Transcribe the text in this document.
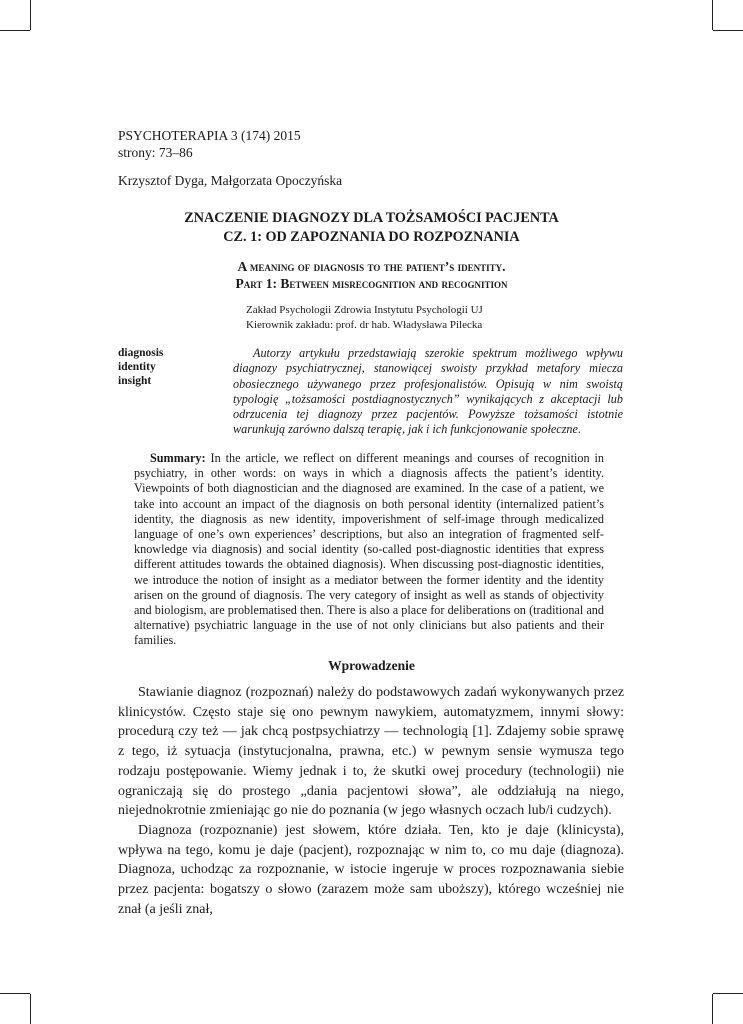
PSYCHOTERAPIA 3 (174) 2015
strony: 73–86
Krzysztof Dyga, Małgorzata Opoczyńska
ZNACZENIE DIAGNOZY DLA TOŻSAMOŚCI PACJENTA
CZ. 1: OD ZAPOZNANIA DO ROZPOZNANIA
A meaning of diagnosis to the patient’s identity.
Part 1: Between misrecognition and recognition
Zakład Psychologii Zdrowia Instytutu Psychologii UJ
Kierownik zakładu: prof. dr hab. Władysława Pilecka
diagnosis
identity
insight

Autorzy artykułu przedstawiają szerokie spektrum możliwego wpływu diagnozy psychiatrycznej, stanowiącej swoisty przykład metafory miecza obosiecznego używanego przez profesjonalistów. Opisują w nim swoistą typologię „tożsamości postdiagnostycznych” wynikających z akceptacji lub odrzucenia tej diagnozy przez pacjentów. Powyższe tożsamości istotnie warunkują zarówno dalszą terapię, jak i ich funkcjonowanie społeczne.

Summary: In the article, we reflect on different meanings and courses of recognition in psychiatry, in other words: on ways in which a diagnosis affects the patient’s identity. Viewpoints of both diagnostician and the diagnosed are examined. In the case of a patient, we take into account an impact of the diagnosis on both personal identity (internalized patient’s identity, the diagnosis as new identity, impoverishment of self-image through medicalized language of one’s own experiences’ descriptions, but also an integration of fragmented self-knowledge via diagnosis) and social identity (so-called post-diagnostic identities that express different attitudes towards the obtained diagnosis). When discussing post-diagnostic identities, we introduce the notion of insight as a mediator between the former identity and the identity arisen on the ground of diagnosis. The very category of insight as well as stands of objectivity and biologism, are problematised then. There is also a place for deliberations on (traditional and alternative) psychiatric language in the use of not only clinicians but also patients and their families.

Wprowadzenie

Stawianie diagnoz (rozpoznań) należy do podstawowych zadań wykonywanych przez klinicystów. Często staje się ono pewnym nawykiem, automatyzmem, innymi słowy: procedurą czy też — jak chcą postpsychiatrzy — technologią [1]. Zdajemy sobie sprawę z tego, iż sytuacja (instytucjonalna, prawna, etc.) w pewnym sensie wymusza tego rodzaju postępowanie. Wiemy jednak i to, że skutki owej procedury (technologii) nie ograniczają się do prostego „dania pacjentowi słowa”, ale oddziałują na niego, niejednokrotnie zmieniając go nie do poznania (w jego własnych oczach lub/i cudzych).

Diagnoza (rozpoznanie) jest słowem, które działa. Ten, kto je daje (klinicysta), wpływa na tego, komu je daje (pacjent), rozpoznając w nim to, co mu daje (diagnoza). Diagnoza, uchodząc za rozpoznanie, w istocie ingeruje w proces rozpoznawania siebie przez pacjenta: bogatszy o słowo (zarazem może sam uboższy), którego wcześniej nie znał (a jeśli znał,
